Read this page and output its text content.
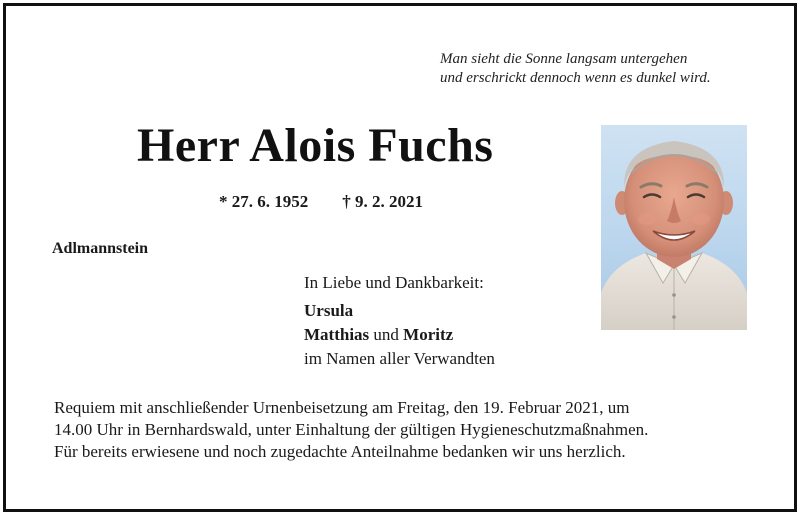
Man sieht die Sonne langsam untergehen
und erschrickt dennoch wenn es dunkel wird.
Herr Alois Fuchs
* 27. 6. 1952 † 9. 2. 2021
Adlmannstein
In Liebe und Dankbarkeit:
Ursula
Matthias und Moritz
im Namen aller Verwandten
Requiem mit anschließender Urnenbeisetzung am Freitag, den 19. Februar 2021, um
14.00 Uhr in Bernhardswald, unter Einhaltung der gültigen Hygieneschutzmaßnahmen.
Für bereits erwiesene und noch zugedachte Anteilnahme bedanken wir uns herzlich.
